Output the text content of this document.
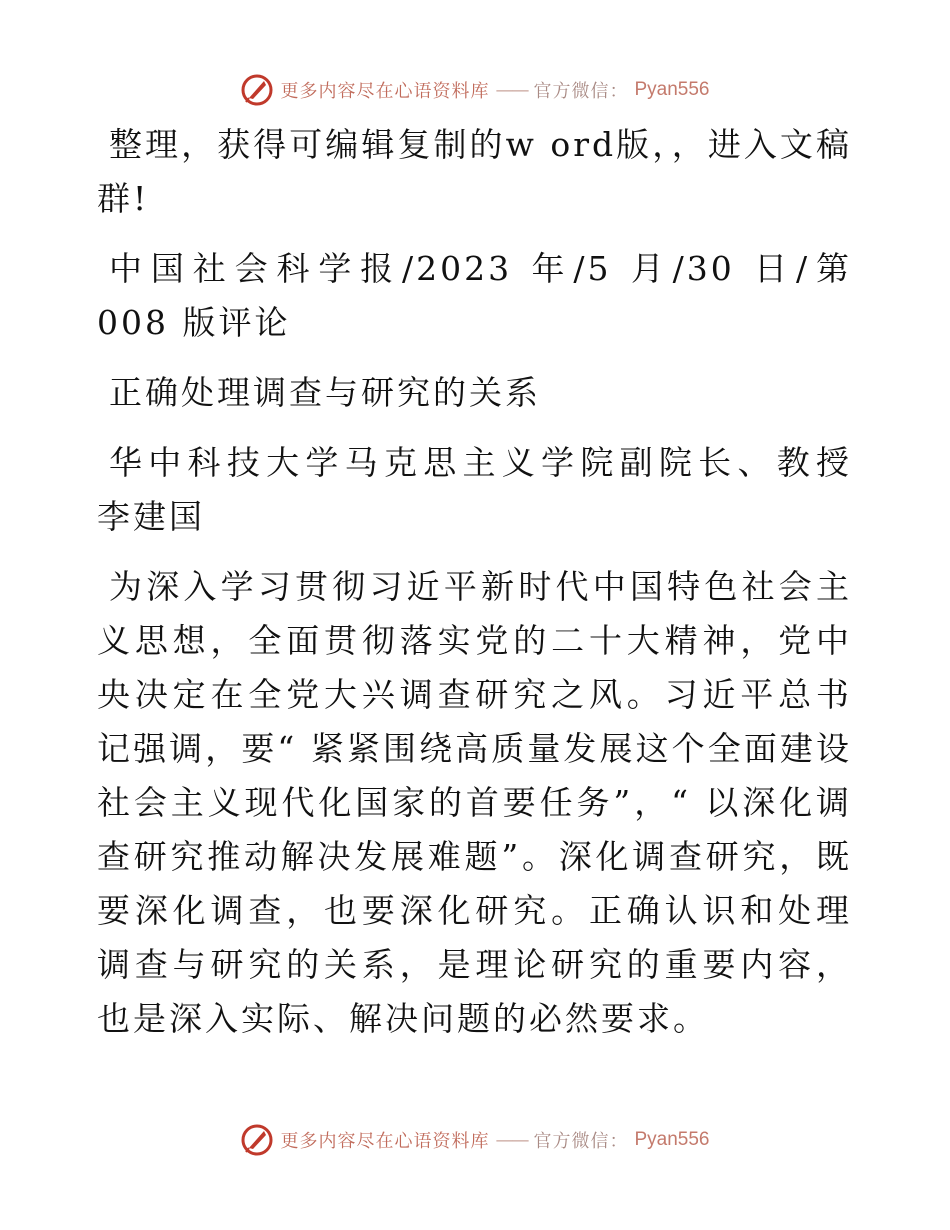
更多内容尽在心语资料库 —— 官方微信： Pyan556

整理，获得可编辑复制的w ord版，，进入文稿群!

中国社会科学报/2023 年/5 月/30 日/第 008 版评论

正确处理调查与研究的关系

华中科技大学马克思主义学院副院长、教授　李建国

为深入学习贯彻习近平新时代中国特色社会主义思想，全面贯彻落实党的二十大精神，党中央决定在全党大兴调查研究之风。习近平总书记强调，要“ 紧紧围绕高质量发展这个全面建设社会主义现代化国家的首要任务”，“ 以深化调查研究推动解决发展难题”。深化调查研究，既要深化调查，也要深化研究。正确认识和处理调查与研究的关系，是理论研究的重要内容，也是深入实际、解决问题的必然要求。

更多内容尽在心语资料库 —— 官方微信： Pyan556
